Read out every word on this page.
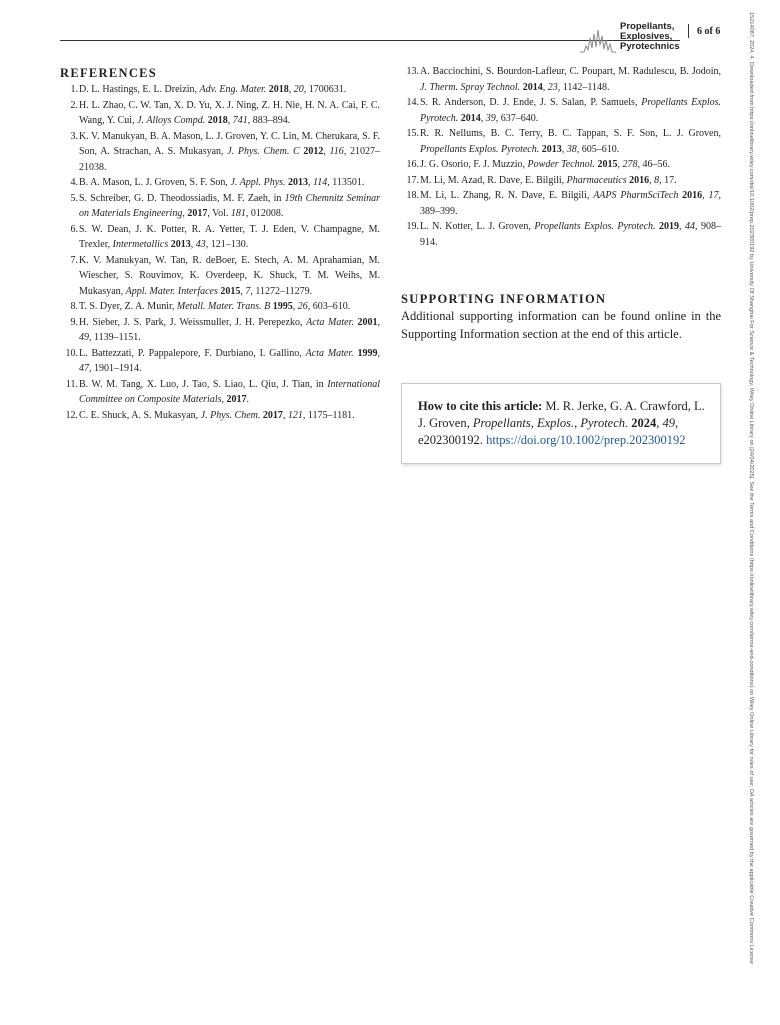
Propellants,
Explosives,
Pyrotechnics
6 of 6	15214087, 2024, 4, Downloaded from https://onlinelibrary.wiley.com/doi/10.1002/prep.202300192 by University Of Shanghai For Science & Technology, Wiley Online Library on [24/04/2025]. See the Terms and Conditions (https://onlinelibrary.wiley.com/terms-and-conditions) on Wiley Online Library for rules of use; OA articles are governed by the applicable Creative Commons License
REFERENCES
1. D. L. Hastings, E. L. Dreizin, Adv. Eng. Mater. 2018, 20, 1700631.
2. H. L. Zhao, C. W. Tan, X. D. Yu, X. J. Ning, Z. H. Nie, H. N. A. Cai, F. C. Wang, Y. Cui, J. Alloys Compd. 2018, 741, 883–894.
3. K. V. Manukyan, B. A. Mason, L. J. Groven, Y. C. Lin, M. Cherukara, S. F. Son, A. Strachan, A. S. Mukasyan, J. Phys. Chem. C 2012, 116, 21027–21038.
4. B. A. Mason, L. J. Groven, S. F. Son, J. Appl. Phys. 2013, 114, 113501.
5. S. Schreiber, G. D. Theodossiadis, M. F. Zaeh, in 19th Chemnitz Seminar on Materials Engineering, 2017, Vol. 181, 012008.
6. S. W. Dean, J. K. Potter, R. A. Yetter, T. J. Eden, V. Champagne, M. Trexler, Intermetallics 2013, 43, 121–130.
7. K. V. Manukyan, W. Tan, R. deBoer, E. Stech, A. M. Aprahamian, M. Wiescher, S. Rouvimov, K. Overdeep, K. Shuck, T. M. Weihs, M. Mukasyan, Appl. Mater. Interfaces 2015, 7, 11272–11279.
8. T. S. Dyer, Z. A. Munir, Metall. Mater. Trans. B 1995, 26, 603–610.
9. H. Sieber, J. S. Park, J. Weissmuller, J. H. Perepezko, Acta Mater. 2001, 49, 1139–1151.
10. L. Battezzati, P. Pappalepore, F. Durbiano, I. Gallino, Acta Mater. 1999, 47, 1901–1914.
11. B. W. M. Tang, X. Luo, J. Tao, S. Liao, L. Qiu, J. Tian, in International Committee on Composite Materials, 2017.
12. C. E. Shuck, A. S. Mukasyan, J. Phys. Chem. 2017, 121, 1175–1181.
13. A. Bacciochini, S. Bourdon-Lafleur, C. Poupart, M. Radulescu, B. Jodoin, J. Therm. Spray Technol. 2014, 23, 1142–1148.
14. S. R. Anderson, D. J. Ende, J. S. Salan, P. Samuels, Propellants Explos. Pyrotech. 2014, 39, 637–640.
15. R. R. Nellums, B. C. Terry, B. C. Tappan, S. F. Son, L. J. Groven, Propellants Explos. Pyrotech. 2013, 38, 605–610.
16. J. G. Osorio, F. J. Muzzio, Powder Technol. 2015, 278, 46–56.
17. M. Li, M. Azad, R. Dave, E. Bilgili, Pharmaceutics 2016, 8, 17.
18. M. Li, L. Zhang, R. N. Dave, E. Bilgili, AAPS PharmSciTech 2016, 17, 389–399.
19. L. N. Kotter, L. J. Groven, Propellants Explos. Pyrotech. 2019, 44, 908–914.
SUPPORTING INFORMATION

Additional supporting information can be found online in the Supporting Information section at the end of this article.

How to cite this article: M. R. Jerke, G. A. Crawford, L. J. Groven, Propellants, Explos., Pyrotech. 2024, 49, e202300192. https://doi.org/10.1002/prep.202300192
